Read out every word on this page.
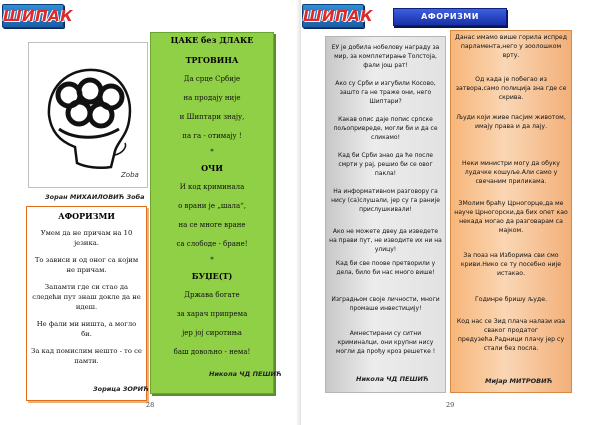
ШИПАК
Zoba
Зоран МИХАИЛОВИЋ Зоба
АФОРИЗМИ

Умем да не причам на 10 језика.

То зависи и од оног са којим не причам.

Запамти где си стао да следећи пут знаш докле да не идеш.

Не фали ми ништа, а могло би.

За кад помислим нешто - то се памти.

Зорица ЗОРИЋ
ЦАКЕ без ДЛАКЕ
ТРГОВИНА

Да срце Србије

на продају није

и Шиптари знају,

па га - отимају !

*

ОЧИ

И код криминала

о врани је „шала“,

на се многе вране

са слободе - бране!

*

БУЏЕ(Т)

Држава богате

за харач припрема

јер јој сиротиња

баш довољно - нема!

Никола ЧД ПЕШИЋ
28
ШИПАК	АФОРИЗМИ

ЕУ је добила нобелову награду за мир, за комплетирање Толстоја, фали још рат!

Ако су Срби и изгубили Косово, зашто га не траже они, него Шиптари?

Какав опис даје попис српске пољопривреде, могли би и да се сликамо!

Кад би Срби знао да ће после смрти у рај, решио би се овог пакла!

На информативном разговору га нису (са)слушали, јер су га раније прислушкивали!

Ако не можете двеу да изведете на прави пут, не изводите их ни на улицу!

Кад би све поове претворили у дела, било би нас много више!

Изградњом своје личности, многи промаше инвестицију!

Амнестирани су ситни криминалци, они крупни нису могли да прођу кроз решетке !

Никола ЧД ПЕШИЋ

Данас имамо више горила испред парламента,него у зоолошком врту.

Од када је побегао из затвора,само полиција зна где се скрива.

Људи који живе пасјим животом, имају права и да лају.

Неки министри могу да обуку лудачке кошуље.Али само у свечаним приликама.

ЗМолим браћу Црногорце,да ме науче Црногорски,да бих опет као некада могао да разговарам са мајком.

За поаз на Изборима сви смо криви.Нико се ту посебно није истакао.

Годинре бришу људе.

Код нас се Зид плача налази иза сваког продатог предузећа.Радници плачу јер су стали без посла.

Мијар МИТРОВИЋ
29
